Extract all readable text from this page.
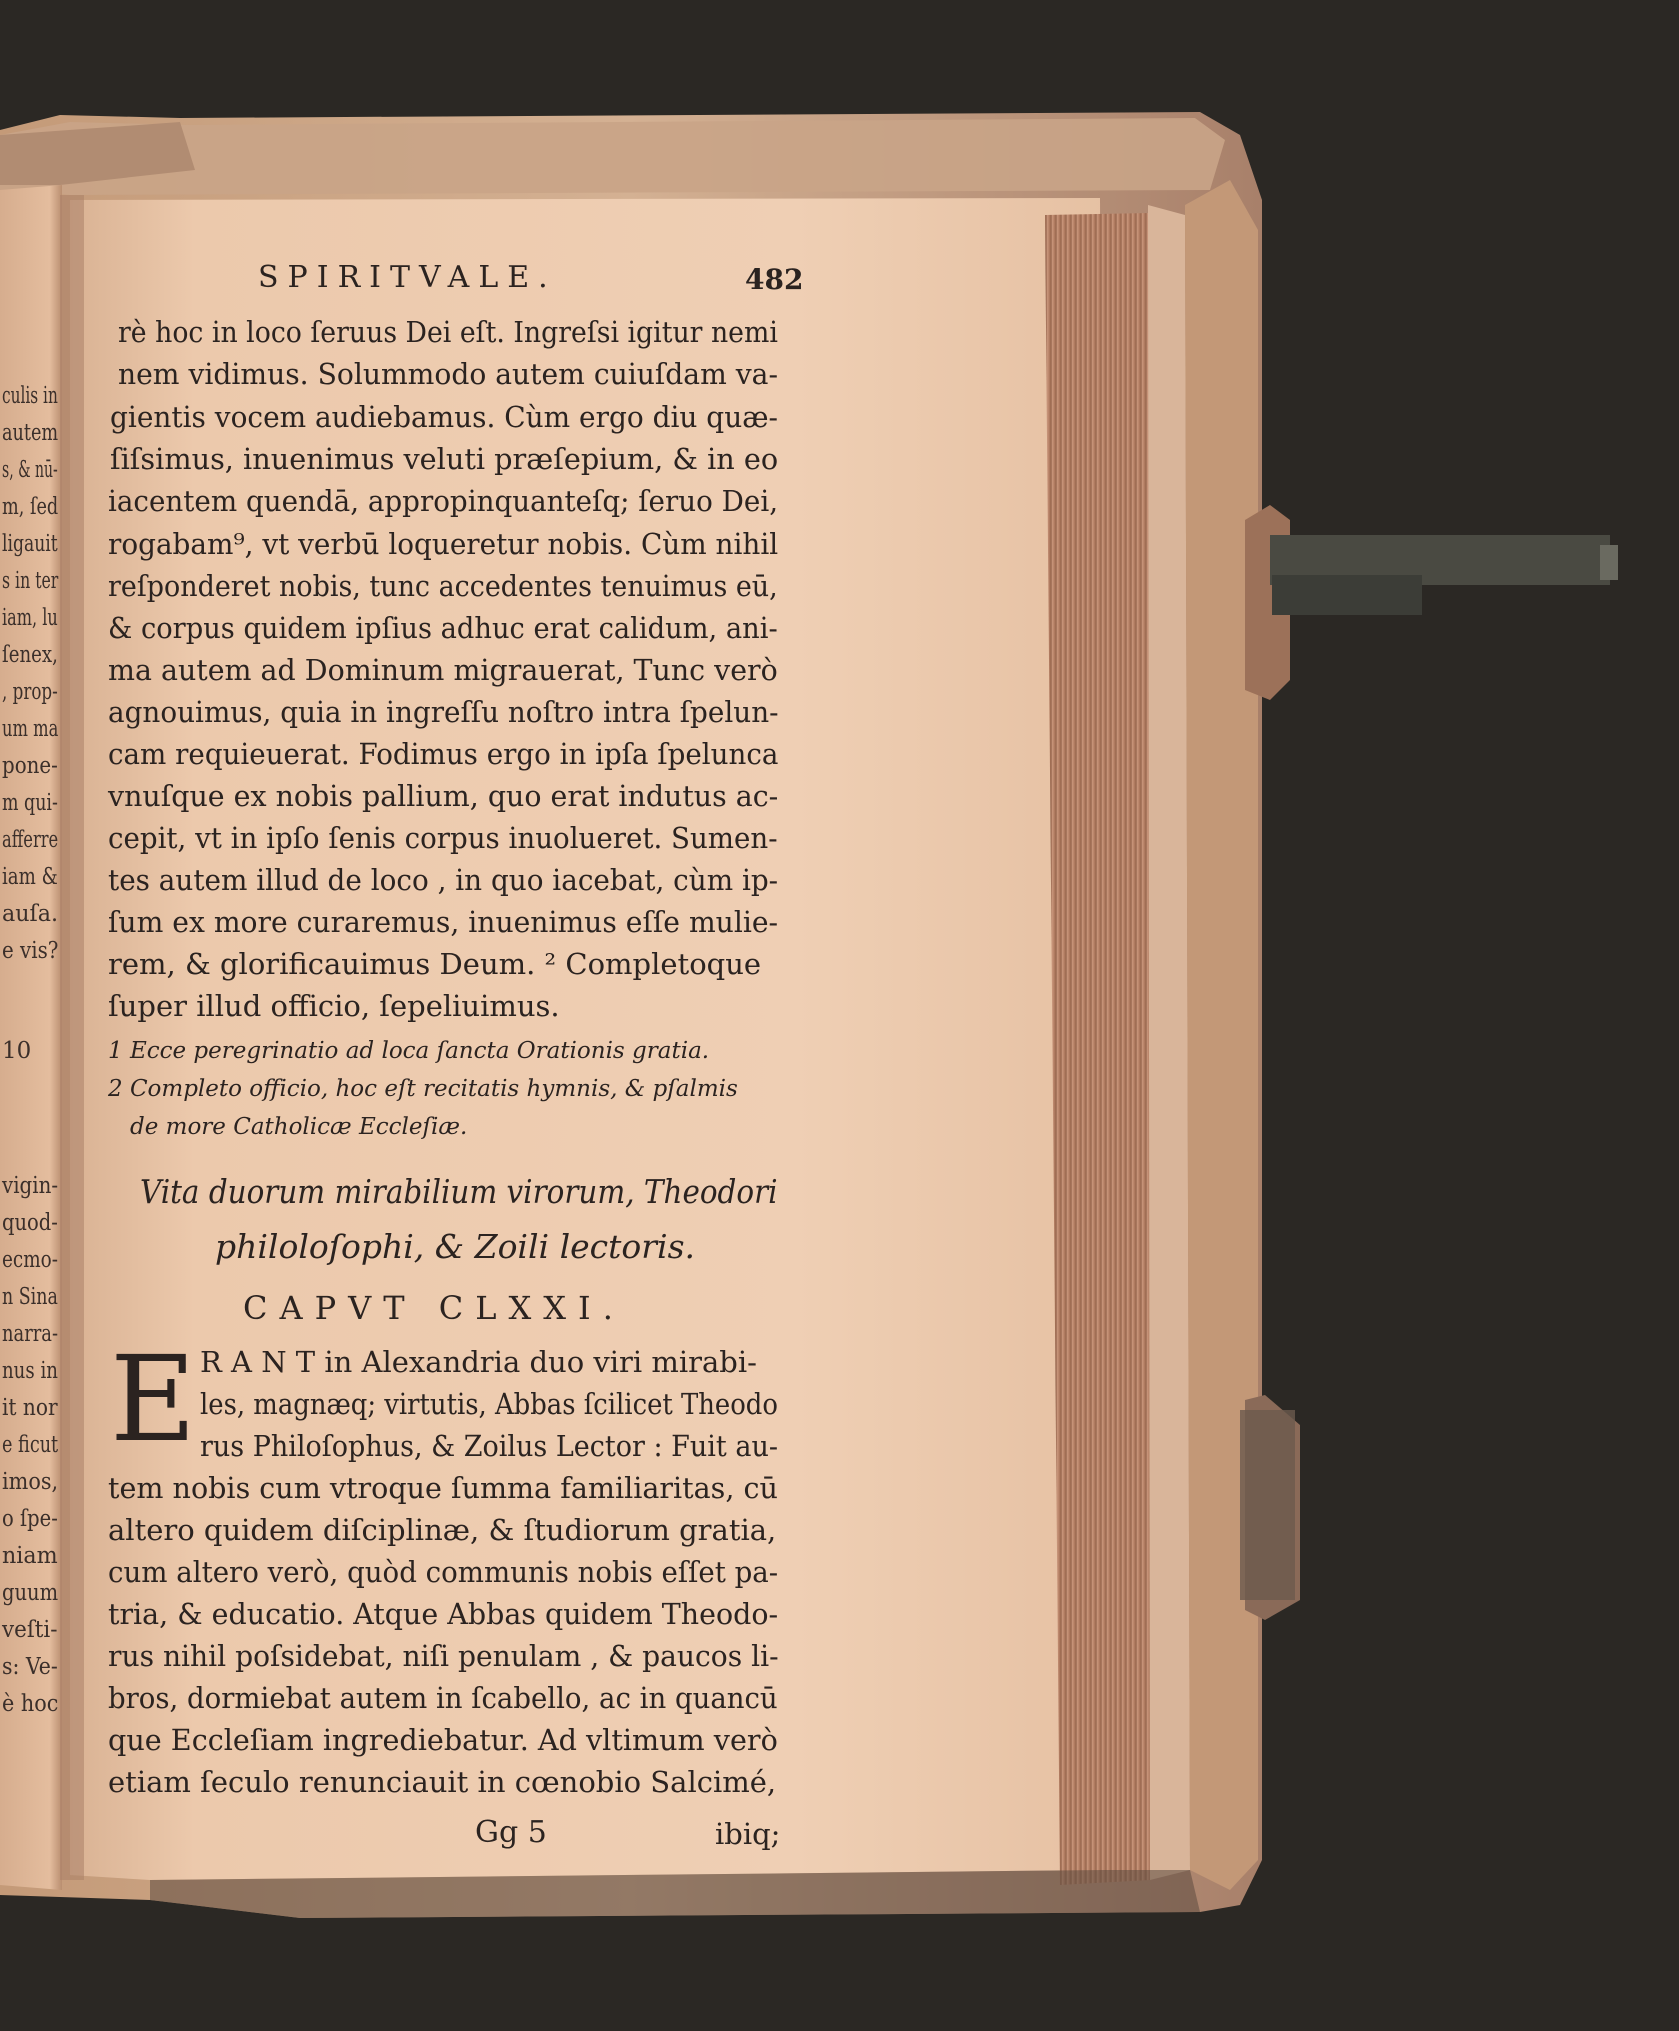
SPIRITVALE.	482
rè hoc in loco ſeruus Dei eſt. Ingreſsi igitur nemi
nem vidimus. Solummodo autem cuiuſdam va-
gientis vocem audiebamus. Cùm ergo diu quæ-
ſiſsimus, inuenimus veluti præſepium, & in eo
iacentem quendā, appropinquanteſq; ſeruo Dei,
rogabam⁹, vt verbū loqueretur nobis. Cùm nihil
reſponderet nobis, tunc accedentes tenuimus eū,
& corpus quidem ipſius adhuc erat calidum, ani-
ma autem ad Dominum migrauerat, Tunc verò
agnouimus, quia in ingreſſu noſtro intra ſpelun-
cam requieuerat. Fodimus ergo in ipſa ſpelunca
vnuſque ex nobis pallium, quo erat indutus ac-
cepit, vt in ipſo ſenis corpus inuolueret. Sumen-
tes autem illud de loco , in quo iacebat, cùm ip-
ſum ex more curaremus, inuenimus eſſe mulie-
rem, & glorificauimus Deum. ² Completoque
ſuper illud officio, ſepeliuimus.
1 Ecce peregrinatio ad loca ſancta Orationis gratia.
2 Completo officio, hoc eſt recitatis hymnis, & pſalmis
de more Catholicæ Eccleſiæ.
Vita duorum mirabilium virorum, Theodori
philoloſophi, & Zoili lectoris.
CAPVT CLXXI.
E R A N T in Alexandria duo viri mirabi-
les, magnæq; virtutis, Abbas ſcilicet Theodo
rus Philoſophus, & Zoilus Lector : Fuit au-
tem nobis cum vtroque ſumma familiaritas, cū
altero quidem diſciplinæ, & ſtudiorum gratia,
cum altero verò, quòd communis nobis eſſet pa-
tria, & educatio. Atque Abbas quidem Theodo-
rus nihil poſsidebat, niſi penulam , & paucos li-
bros, dormiebat autem in ſcabello, ac in quancū
que Eccleſiam ingrediebatur. Ad vltimum verò
etiam ſeculo renunciauit in cœnobio Salcimé,
Gg 5	ibiq;
culis in
autem
s, & nū-
m, ſed
ligauit
s in ter
iam, lu
ſenex,
, prop-
um ma
pone-
m qui-
afferre
iam &
auſa.
e vis?
10
vigin-
quod-
ecmo-
n Sina
narra-
nus in
it nor
e ficut
imos,
o ſpe-
niam
guum
veſti-
s: Ve-
è hoc
